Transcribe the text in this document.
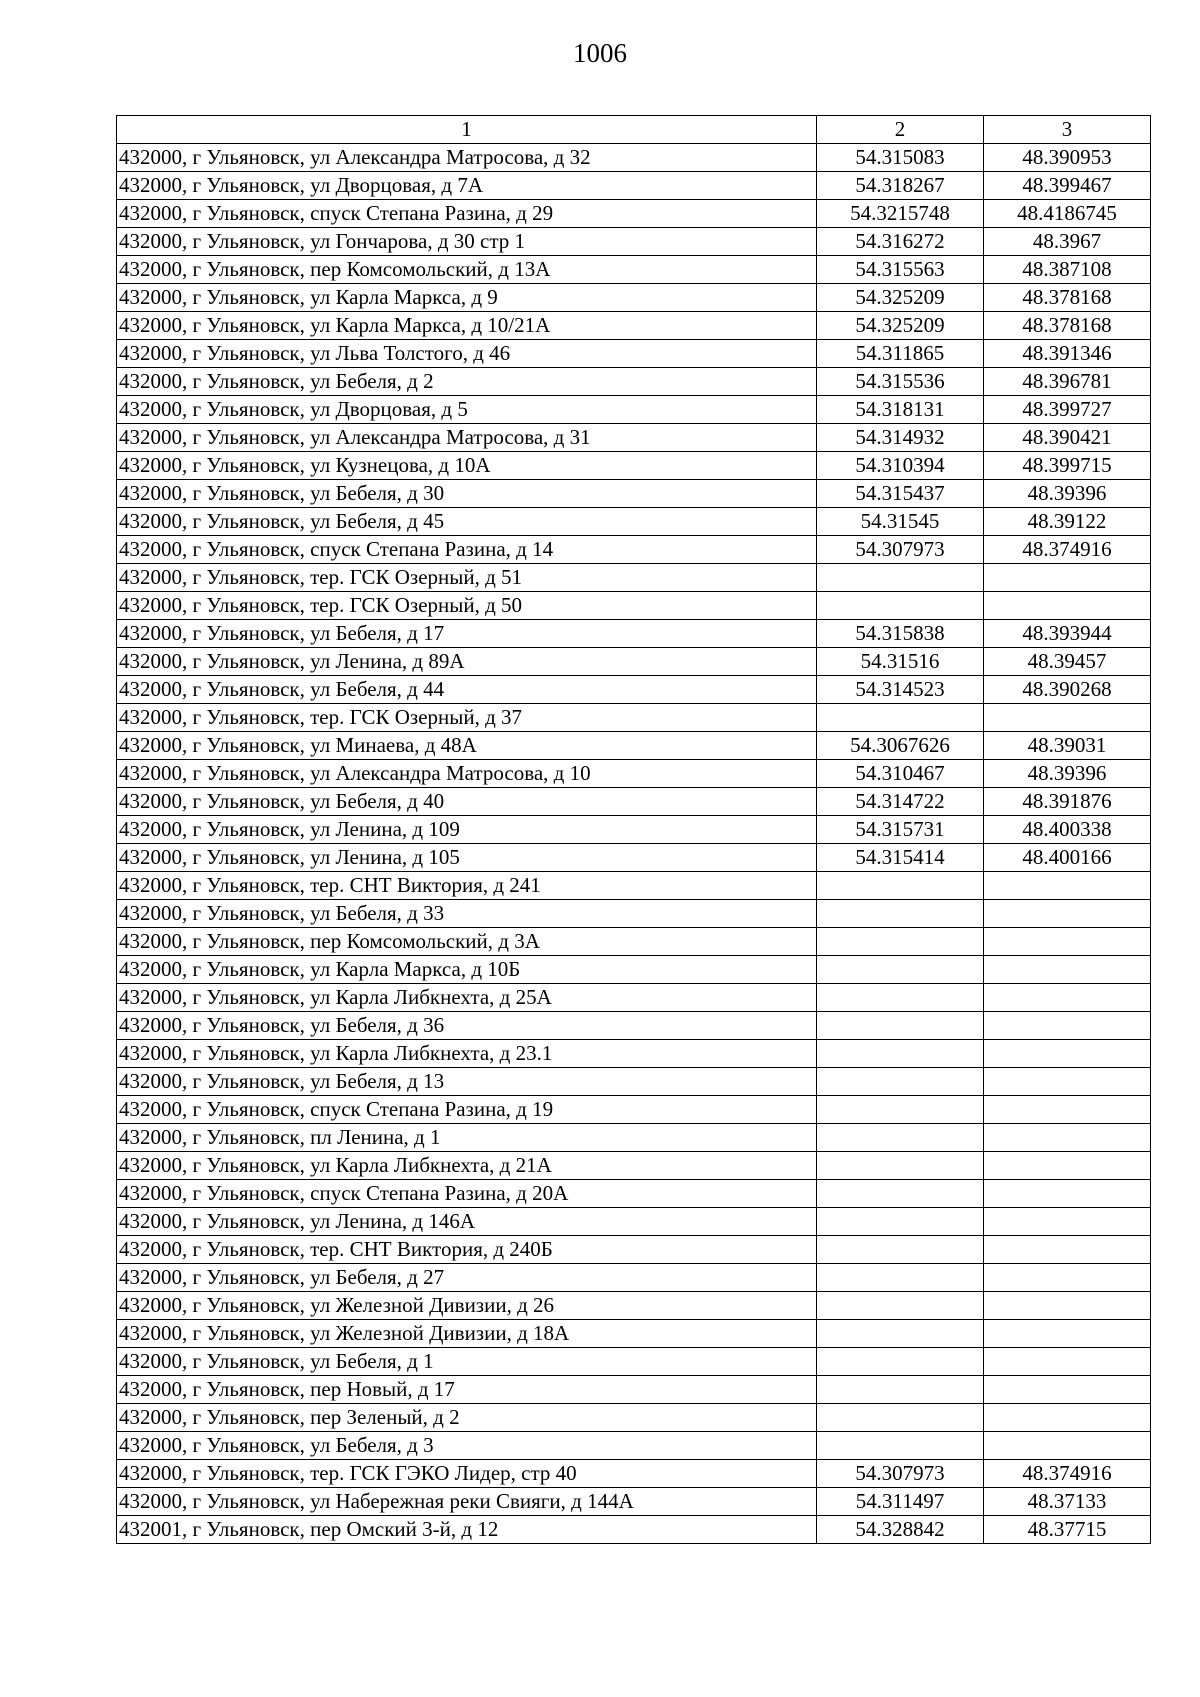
1006
1	2	3
432000, г Ульяновск, ул Александра Матросова, д 32	54.315083	48.390953
432000, г Ульяновск, ул Дворцовая, д 7А	54.318267	48.399467
432000, г Ульяновск, спуск Степана Разина, д 29	54.3215748	48.4186745
432000, г Ульяновск, ул Гончарова, д 30 стр 1	54.316272	48.3967
432000, г Ульяновск, пер Комсомольский, д 13А	54.315563	48.387108
432000, г Ульяновск, ул Карла Маркса, д 9	54.325209	48.378168
432000, г Ульяновск, ул Карла Маркса, д 10/21А	54.325209	48.378168
432000, г Ульяновск, ул Льва Толстого, д 46	54.311865	48.391346
432000, г Ульяновск, ул Бебеля, д 2	54.315536	48.396781
432000, г Ульяновск, ул Дворцовая, д 5	54.318131	48.399727
432000, г Ульяновск, ул Александра Матросова, д 31	54.314932	48.390421
432000, г Ульяновск, ул Кузнецова, д 10А	54.310394	48.399715
432000, г Ульяновск, ул Бебеля, д 30	54.315437	48.39396
432000, г Ульяновск, ул Бебеля, д 45	54.31545	48.39122
432000, г Ульяновск, спуск Степана Разина, д 14	54.307973	48.374916
432000, г Ульяновск, тер. ГСК Озерный, д 51		
432000, г Ульяновск, тер. ГСК Озерный, д 50		
432000, г Ульяновск, ул Бебеля, д 17	54.315838	48.393944
432000, г Ульяновск, ул Ленина, д 89А	54.31516	48.39457
432000, г Ульяновск, ул Бебеля, д 44	54.314523	48.390268
432000, г Ульяновск, тер. ГСК Озерный, д 37		
432000, г Ульяновск, ул Минаева, д 48А	54.3067626	48.39031
432000, г Ульяновск, ул Александра Матросова, д 10	54.310467	48.39396
432000, г Ульяновск, ул Бебеля, д 40	54.314722	48.391876
432000, г Ульяновск, ул Ленина, д 109	54.315731	48.400338
432000, г Ульяновск, ул Ленина, д 105	54.315414	48.400166
432000, г Ульяновск, тер. СНТ Виктория, д 241		
432000, г Ульяновск, ул Бебеля, д 33		
432000, г Ульяновск, пер Комсомольский, д 3А		
432000, г Ульяновск, ул Карла Маркса, д 10Б		
432000, г Ульяновск, ул Карла Либкнехта, д 25А		
432000, г Ульяновск, ул Бебеля, д 36		
432000, г Ульяновск, ул Карла Либкнехта, д 23.1		
432000, г Ульяновск, ул Бебеля, д 13		
432000, г Ульяновск, спуск Степана Разина, д 19		
432000, г Ульяновск, пл Ленина, д 1		
432000, г Ульяновск, ул Карла Либкнехта, д 21А		
432000, г Ульяновск, спуск Степана Разина, д 20А		
432000, г Ульяновск, ул Ленина, д 146А		
432000, г Ульяновск, тер. СНТ Виктория, д 240Б		
432000, г Ульяновск, ул Бебеля, д 27		
432000, г Ульяновск, ул Железной Дивизии, д 26		
432000, г Ульяновск, ул Железной Дивизии, д 18А		
432000, г Ульяновск, ул Бебеля, д 1		
432000, г Ульяновск, пер Новый, д 17		
432000, г Ульяновск, пер Зеленый, д 2		
432000, г Ульяновск, ул Бебеля, д 3		
432000, г Ульяновск, тер. ГСК ГЭКО Лидер, стр 40	54.307973	48.374916
432000, г Ульяновск, ул Набережная реки Свияги, д 144А	54.311497	48.37133
432001, г Ульяновск, пер Омский 3-й, д 12	54.328842	48.37715
